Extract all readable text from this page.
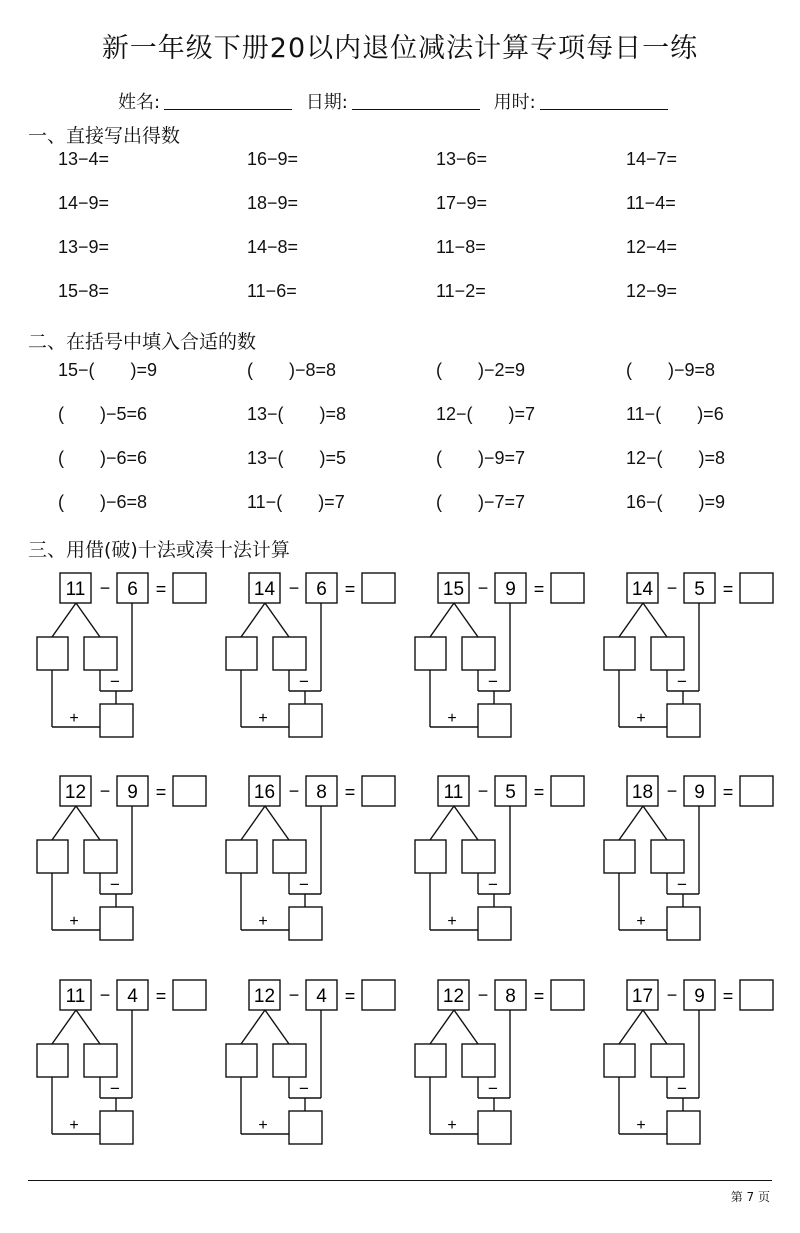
新一年级下册20以内退位减法计算专项每日一练
姓名:	日期:	用时:
一、直接写出得数
13−4=	16−9=	13−6=	14−7=
14−9=	18−9=	17−9=	11−4=
13−9=	14−8=	11−8=	12−4=
15−8=	11−6=	11−2=	12−9=
二、在括号中填入合适的数
15−(　　)=9	(　　)−8=8	(　　)−2=9	(　　)−9=8
(　　)−5=6	13−(　　)=8	12−(　　)=7	11−(　　)=6
(　　)−6=6	13−(　　)=5	(　　)−9=7	12−(　　)=8
(　　)−6=8	11−(　　)=7	(　　)−7=7	16−(　　)=9
三、用借(破)十法或凑十法计算
11 − 6 =
−
+
14 − 6 =
−
+
15 − 9 =
−
+
14 − 5 =
−
+
12 − 9 =
−
+
16 − 8 =
−
+
11 − 5 =
−
+
18 − 9 =
−
+
11 − 4 =
−
+
12 − 4 =
−
+
12 − 8 =
−
+
17 − 9 =
−
+
第 7 页
